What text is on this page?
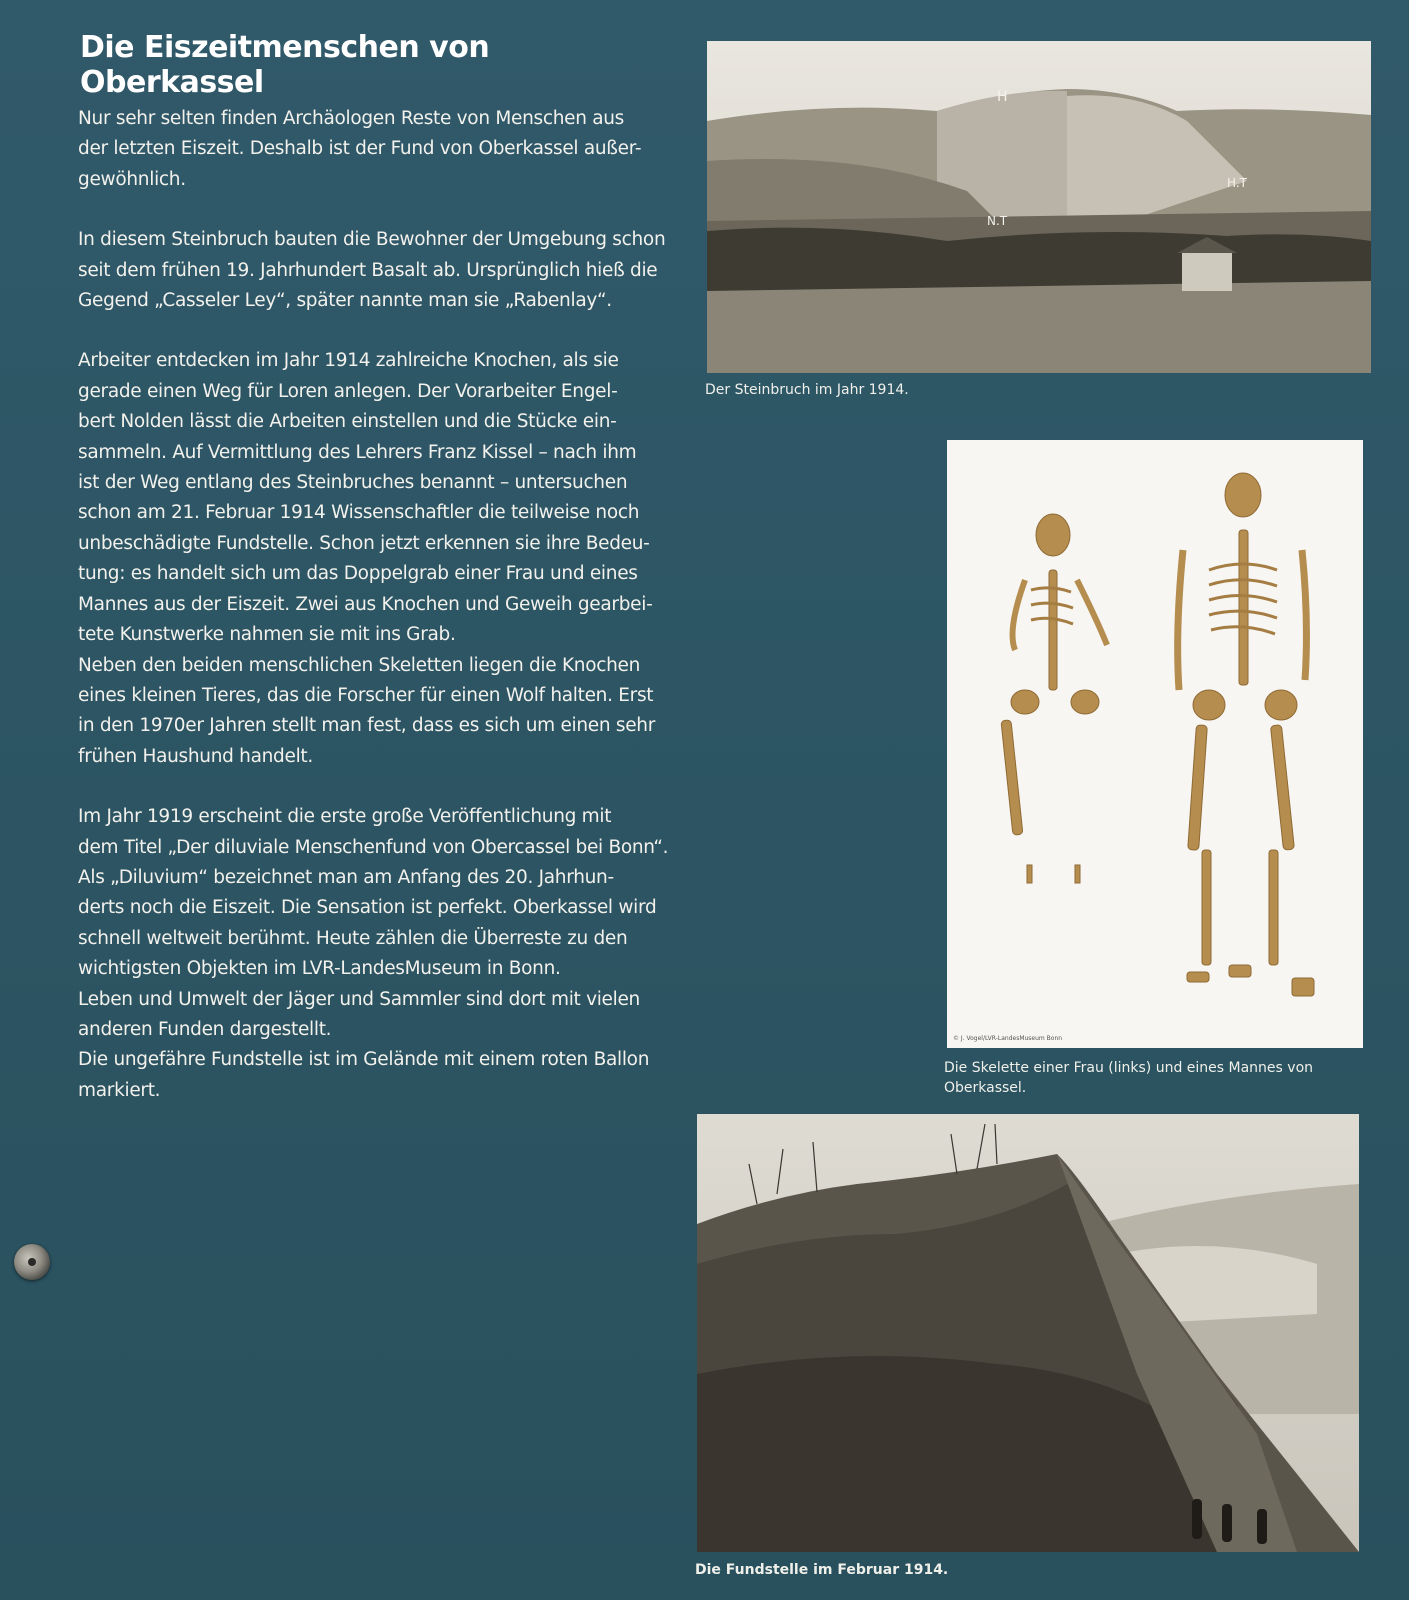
Die Eiszeitmenschen von Oberkassel

Nur sehr selten finden Archäologen Reste von Menschen aus
der letzten Eiszeit. Deshalb ist der Fund von Oberkassel außer-
gewöhnlich.

In diesem Steinbruch bauten die Bewohner der Umgebung schon
seit dem frühen 19. Jahrhundert Basalt ab. Ursprünglich hieß die
Gegend „Casseler Ley“, später nannte man sie „Rabenlay“.

Arbeiter entdecken im Jahr 1914 zahlreiche Knochen, als sie
gerade einen Weg für Loren anlegen. Der Vorarbeiter Engel-
bert Nolden lässt die Arbeiten einstellen und die Stücke ein-
sammeln. Auf Vermittlung des Lehrers Franz Kissel – nach ihm
ist der Weg entlang des Steinbruches benannt – untersuchen
schon am 21. Februar 1914 Wissenschaftler die teilweise noch
unbeschädigte Fundstelle. Schon jetzt erkennen sie ihre Bedeu-
tung: es handelt sich um das Doppelgrab einer Frau und eines
Mannes aus der Eiszeit. Zwei aus Knochen und Geweih gearbei-
tete Kunstwerke nahmen sie mit ins Grab.

Neben den beiden menschlichen Skeletten liegen die Knochen
eines kleinen Tieres, das die Forscher für einen Wolf halten. Erst
in den 1970er Jahren stellt man fest, dass es sich um einen sehr
frühen Haushund handelt.

Im Jahr 1919 erscheint die erste große Veröffentlichung mit
dem Titel „Der diluviale Menschenfund von Obercassel bei Bonn“.
Als „Diluvium“ bezeichnet man am Anfang des 20. Jahrhun-
derts noch die Eiszeit. Die Sensation ist perfekt. Oberkassel wird
schnell weltweit berühmt. Heute zählen die Überreste zu den
wichtigsten Objekten im LVR-LandesMuseum in Bonn.

Leben und Umwelt der Jäger und Sammler sind dort mit vielen
anderen Funden dargestellt.

Die ungefähre Fundstelle ist im Gelände mit einem roten Ballon
markiert.

H
H.T
N.T
Der Steinbruch im Jahr 1914.
© J. Vogel/LVR-LandesMuseum Bonn
Die Skelette einer Frau (links) und eines Mannes von
Oberkassel.
Die Fundstelle im Februar 1914.
